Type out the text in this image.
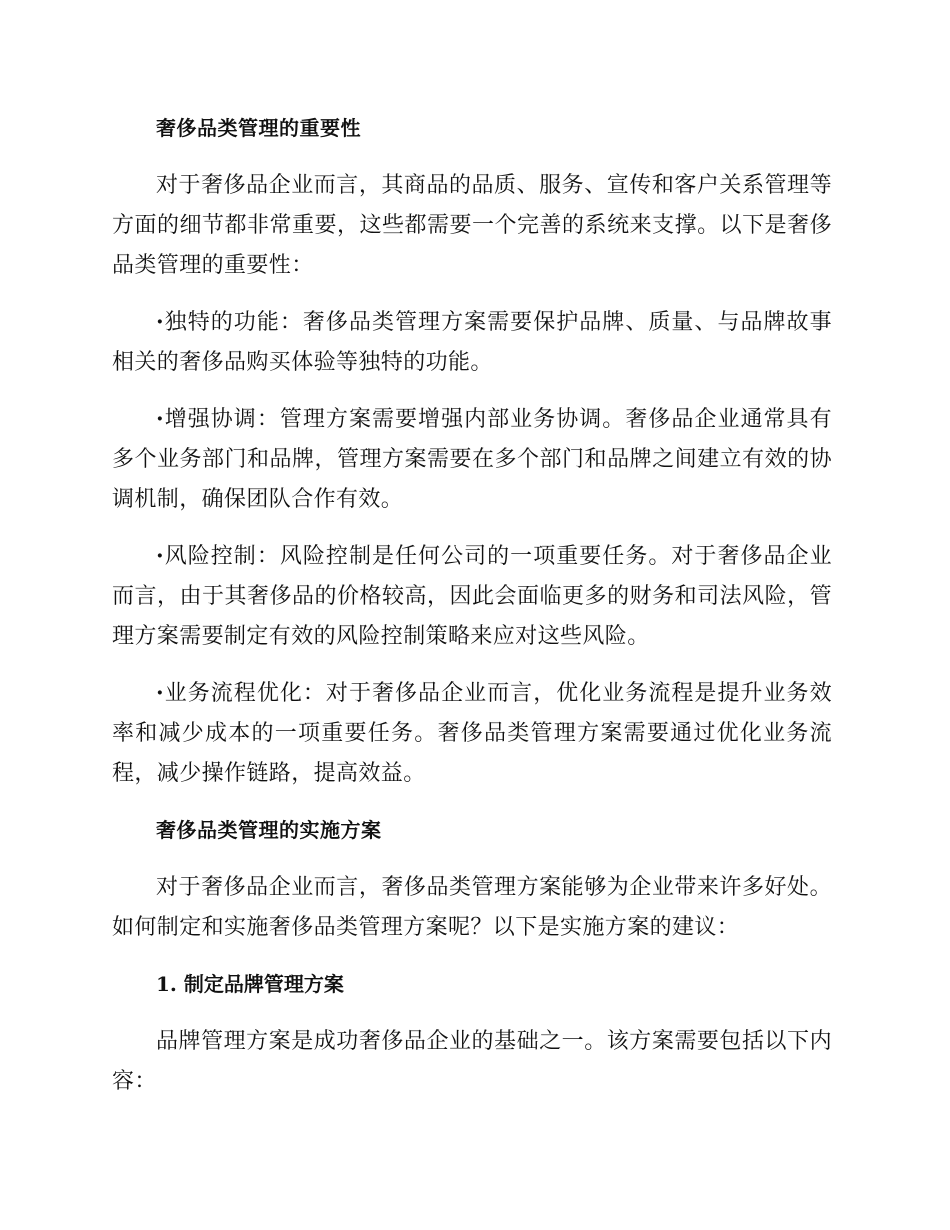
奢侈品类管理的重要性

对于奢侈品企业而言，其商品的品质、服务、宣传和客户关系管理等方面的细节都非常重要，这些都需要一个完善的系统来支撑。以下是奢侈品类管理的重要性：

·独特的功能：奢侈品类管理方案需要保护品牌、质量、与品牌故事相关的奢侈品购买体验等独特的功能。

·增强协调：管理方案需要增强内部业务协调。奢侈品企业通常具有多个业务部门和品牌，管理方案需要在多个部门和品牌之间建立有效的协调机制，确保团队合作有效。

·风险控制：风险控制是任何公司的一项重要任务。对于奢侈品企业而言，由于其奢侈品的价格较高，因此会面临更多的财务和司法风险，管理方案需要制定有效的风险控制策略来应对这些风险。

·业务流程优化：对于奢侈品企业而言，优化业务流程是提升业务效率和减少成本的一项重要任务。奢侈品类管理方案需要通过优化业务流程，减少操作链路，提高效益。

奢侈品类管理的实施方案

对于奢侈品企业而言，奢侈品类管理方案能够为企业带来许多好处。如何制定和实施奢侈品类管理方案呢？以下是实施方案的建议：

1. 制定品牌管理方案

品牌管理方案是成功奢侈品企业的基础之一。该方案需要包括以下内容：
